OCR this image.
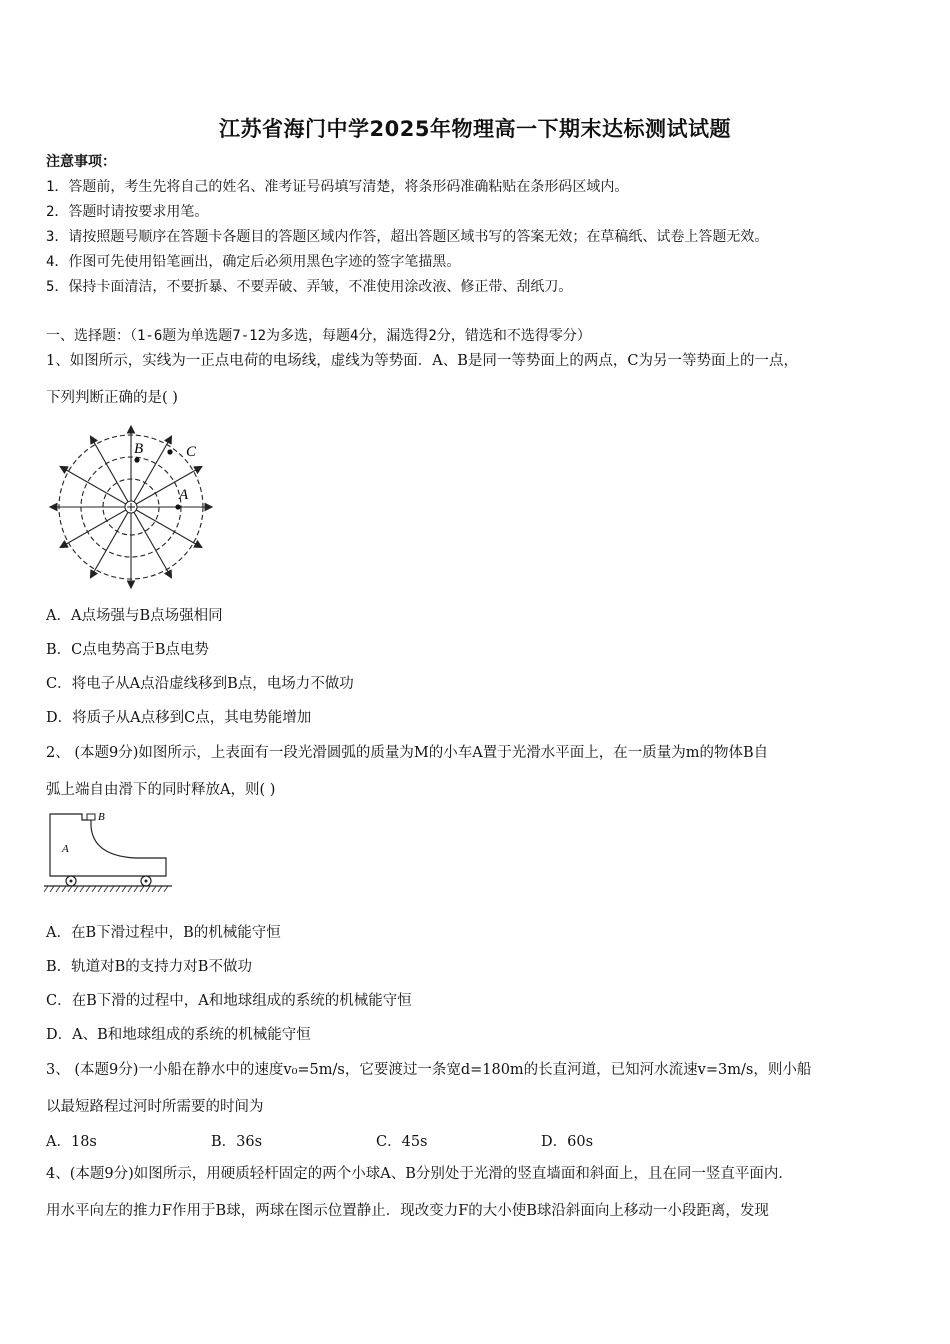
江苏省海门中学2025年物理高一下期末达标测试试题
注意事项：
1．答题前，考生先将自己的姓名、准考证号码填写清楚，将条形码准确粘贴在条形码区域内。
2．答题时请按要求用笔。
3．请按照题号顺序在答题卡各题目的答题区域内作答，超出答题区域书写的答案无效；在草稿纸、试卷上答题无效。
4．作图可先使用铅笔画出，确定后必须用黑色字迹的签字笔描黑。
5．保持卡面清洁，不要折暴、不要弄破、弄皱，不准使用涂改液、修正带、刮纸刀。
一、选择题：（1-6题为单选题7-12为多选，每题4分，漏选得2分，错选和不选得零分）
1、如图所示，实线为一正点电荷的电场线，虚线为等势面．A、B是同一等势面上的两点，C为另一等势面上的一点，
下列判断正确的是( )
B	C
A
A．A点场强与B点场强相同
B．C点电势高于B点电势
C．将电子从A点沿虚线移到B点，电场力不做功
D．将质子从A点移到C点，其电势能增加
2、 (本题9分)如图所示，上表面有一段光滑圆弧的质量为M的小车A置于光滑水平面上，在一质量为m的物体B自
弧上端自由滑下的同时释放A，则( )
B
A
A．在B下滑过程中，B的机械能守恒
B．轨道对B的支持力对B不做功
C．在B下滑的过程中，A和地球组成的系统的机械能守恒
D．A、B和地球组成的系统的机械能守恒
3、 (本题9分)一小船在静水中的速度v₀=5m/s，它要渡过一条宽d=180m的长直河道，已知河水流速v=3m/s，则小船
以最短路程过河时所需要的时间为
A．18s	B．36s	C．45s	D．60s
4、(本题9分)如图所示，用硬质轻杆固定的两个小球A、B分别处于光滑的竖直墙面和斜面上，且在同一竖直平面内．
用水平向左的推力F作用于B球，两球在图示位置静止．现改变力F的大小使B球沿斜面向上移动一小段距离，发现
